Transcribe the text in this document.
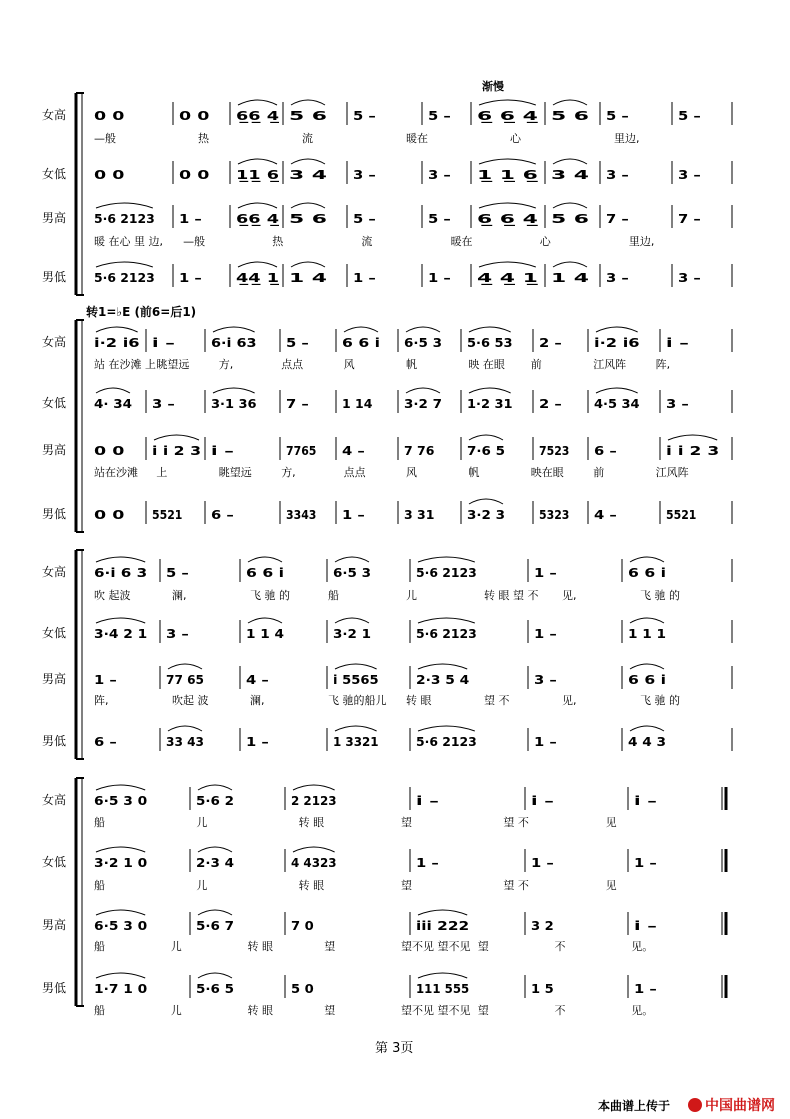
渐慢
转1=♭E (前6=后1)
女高 0 0	0 0 6̲6̲ 4̲	5 6 5 –	5 – 6̲ 6̲ 4̲	5 6 5 –	5 –
—般	热	流	暖在	心	里边,
女低 0 0	0 0 1̲1̲ 6̲	3 4 3 –	3 – 1̲ 1̲ 6̲	3 4 3 –	3 –
男高 5·6 2123 1 –	6̲6̲ 4̲	5 6 5 –	5 – 6̲ 6̲ 4̲	5 6 7 –	7 –
暖 在心 里 边, —般	热	流	暖在	心	里边,
男低 5·6 2123 1 –	4̲4̲ 1̲	1 4 1 –	1 – 4̲ 4̲ 1̲	1 4 3 –	3 –
女高 i·2 i6 i –	6·i 63 5 –	6 6 i 6·5 3 5·6 53 2 –	i·2 i6 i –
站 在沙滩 上 眺望远	方,	点点	风	帆	映 在眼 前	江风阵	阵,
女低 4· 34 3 –	3·1 36 7 –	1 14	3·2 7 1·2 31 2 –	4·5 34 3 –
男高 0 0 i i 2 3 i –	7765 4 –	7 76	7·6 5	7523 6 –	i i 2 3
站在沙滩 上	眺望远	方,	点点	风	帆	映在眼	前	江风阵
男低 0 0 5521 6 –	3343 1 –	3 31	3·2 3	5323 4 –	5521
女高 6·i 6 3 5 –	6 6 i	6·5 3	5·6 2123	1 –	6 6 i
吹 起波	澜,	飞 驰 的	船	儿	转 眼 望 不 见,	飞 驰 的
女低 3·4 2 1 3 –	1 1 4	3·2 1	5·6 2123	1 –	1 1 1
男高 1 –	77 65	4 –	i 5565	2·3 5 4	3 –	6 6 i
阵,	吹起 波	澜,	飞 驰的船儿 转 眼	望 不	见,	飞 驰 的
男低 6 –	33 43	1 –	1 3321	5·6 2123	1 –	4 4 3
女高 6·5 3 0	5·6 2	2 2123	i –	i –	i –
船	儿	转 眼	望	望 不	见
女低 3·2 1 0	2·3 4	4 4323	1 –	1 –	1 –
船	儿	转 眼	望	望 不	见
男高 6·5 3 0	5·6 7	7 0	iii 222	3 2	i –
船	儿	转 眼	望	望不见 望不见 望	不	见。
男低 1·7 1 0	5·6 5	5 0	111 555	1 5	1 –
船	儿	转 眼	望	望不见 望不见 望	不	见。
第 3页
本曲谱上传于	中国曲谱网
